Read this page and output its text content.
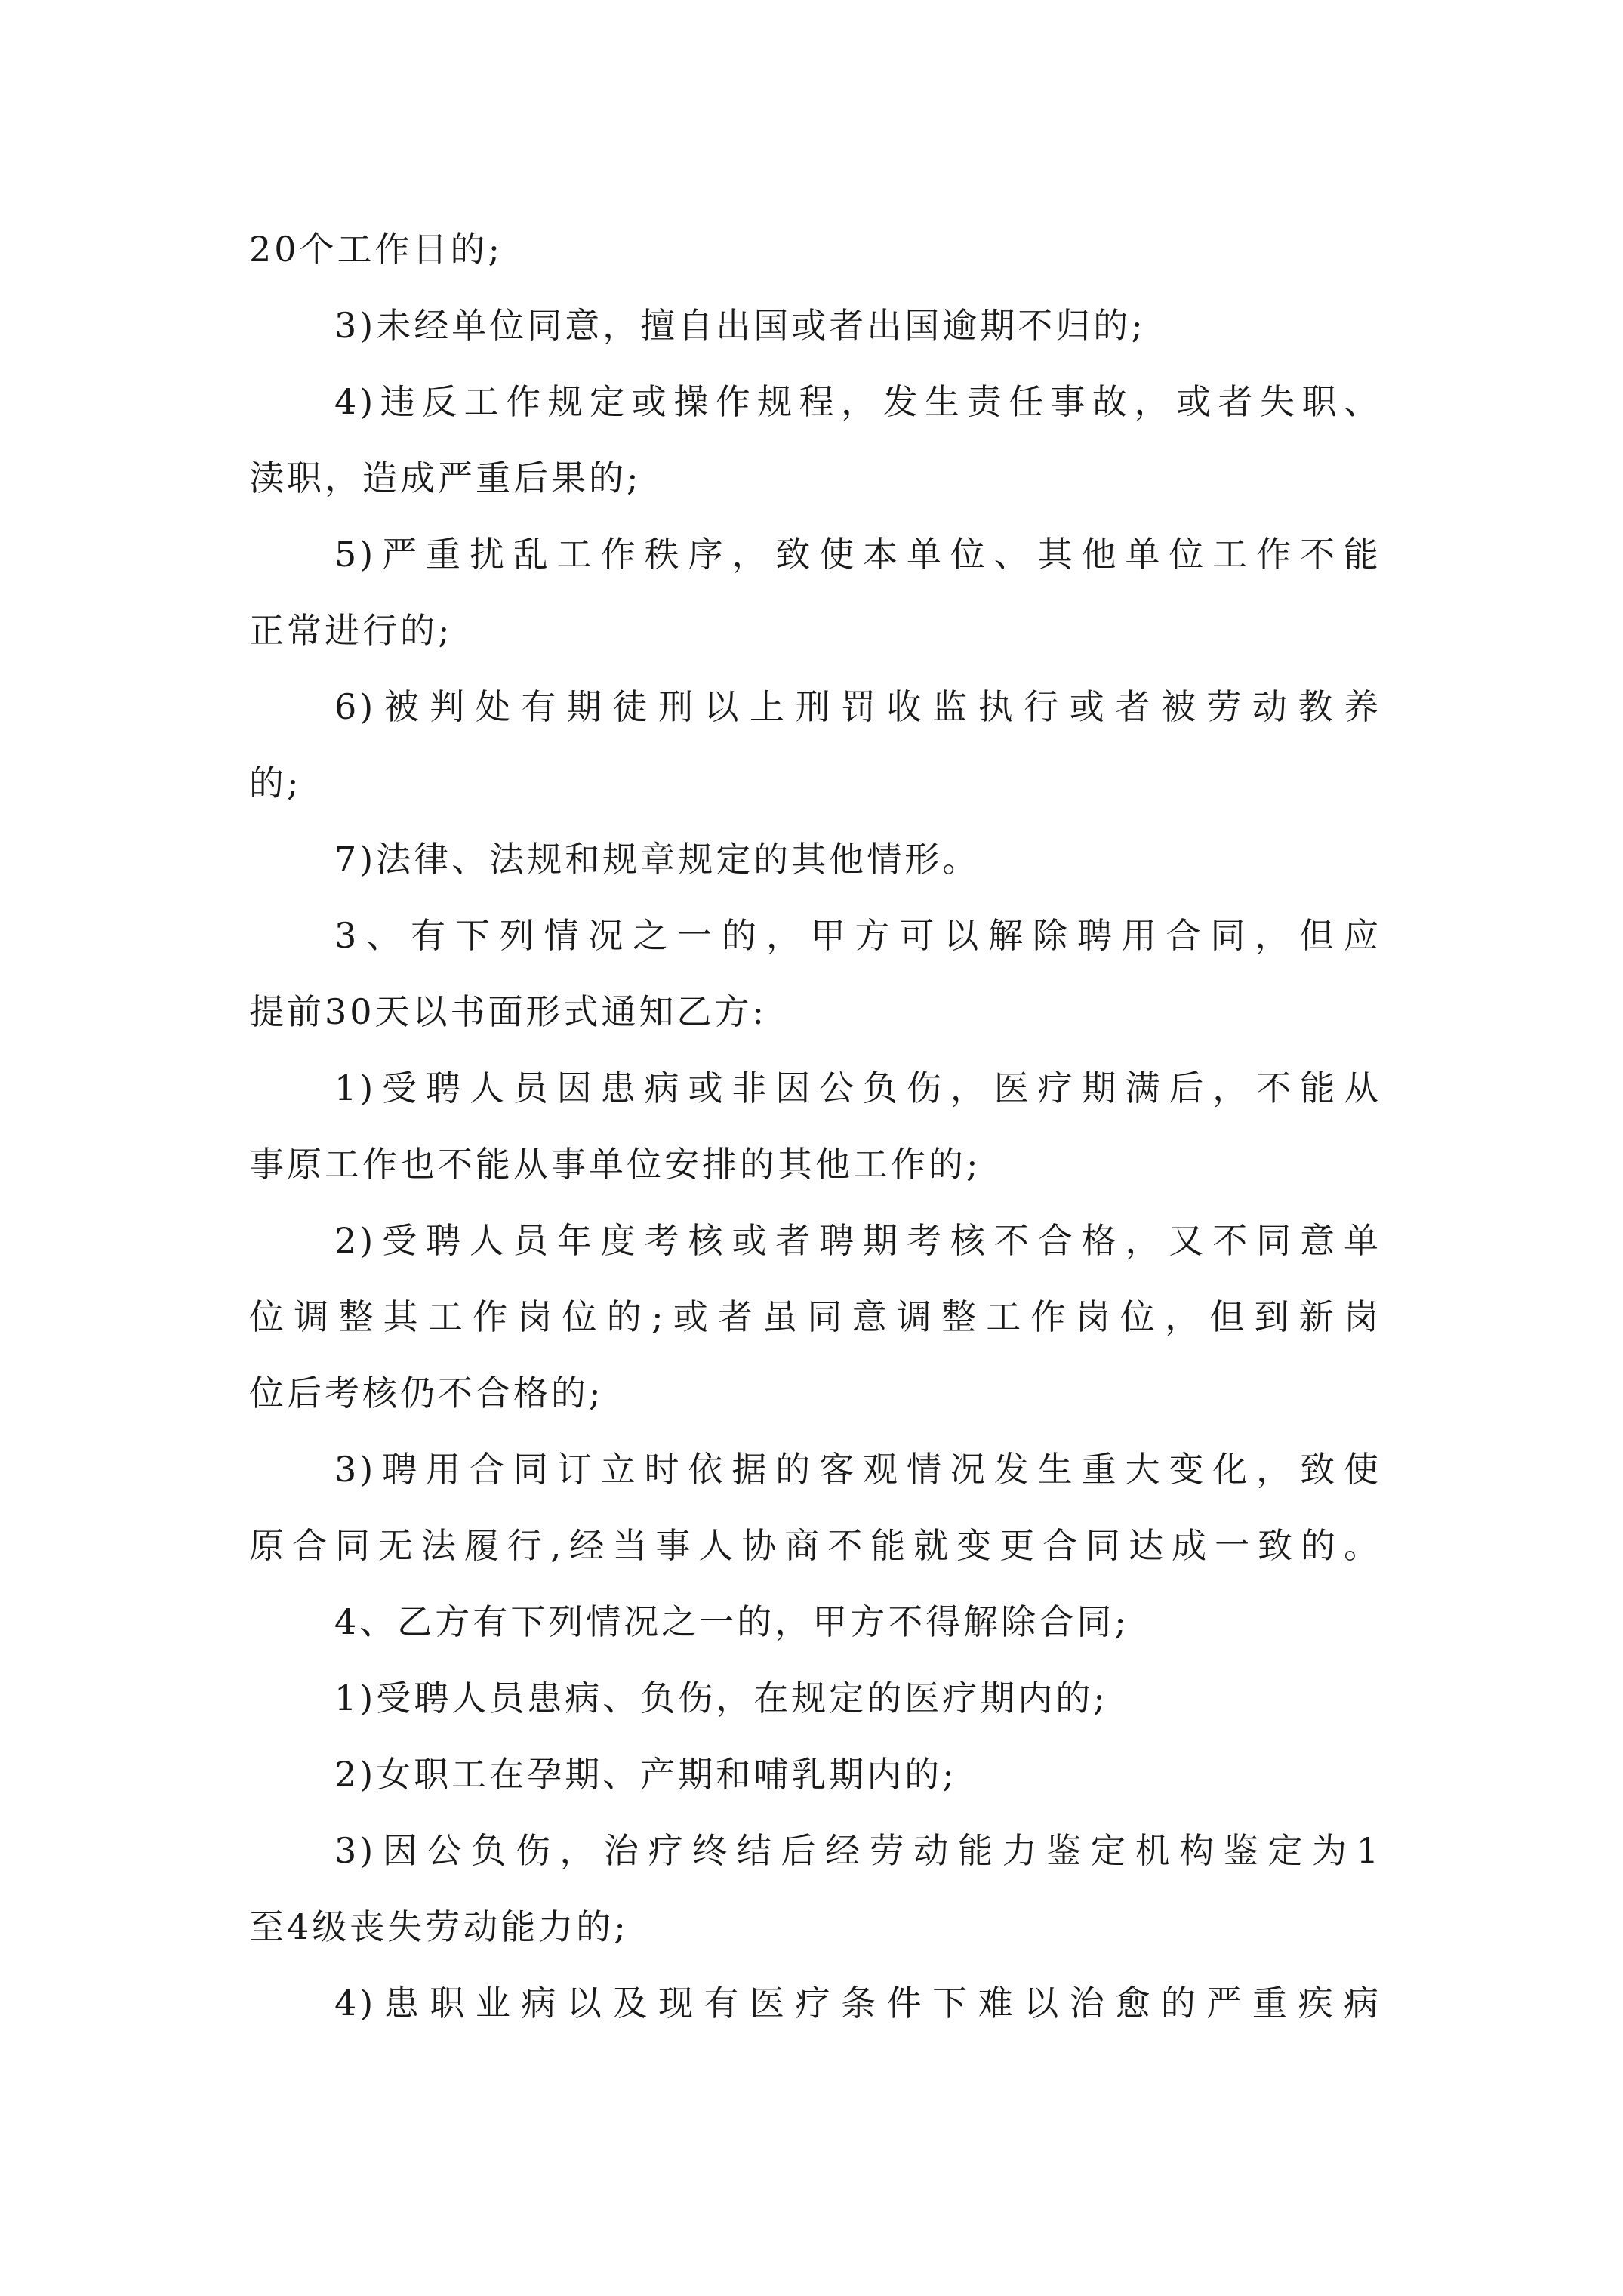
20个工作日的;
3)未经单位同意，擅自出国或者出国逾期不归的;
4)违反工作规定或操作规程，发生责任事故，或者失职、
渎职，造成严重后果的;
5)严重扰乱工作秩序，致使本单位、其他单位工作不能
正常进行的;
6)被判处有期徒刑以上刑罚收监执行或者被劳动教养
的;
7)法律、法规和规章规定的其他情形。
3、有下列情况之一的，甲方可以解除聘用合同，但应
提前30天以书面形式通知乙方:
1)受聘人员因患病或非因公负伤，医疗期满后，不能从
事原工作也不能从事单位安排的其他工作的;
2)受聘人员年度考核或者聘期考核不合格，又不同意单
位调整其工作岗位的;或者虽同意调整工作岗位，但到新岗
位后考核仍不合格的;
3)聘用合同订立时依据的客观情况发生重大变化，致使
原合同无法履行,经当事人协商不能就变更合同达成一致的。
4、乙方有下列情况之一的，甲方不得解除合同;
1)受聘人员患病、负伤，在规定的医疗期内的;
2)女职工在孕期、产期和哺乳期内的;
3)因公负伤，治疗终结后经劳动能力鉴定机构鉴定为1
至4级丧失劳动能力的;
4)患职业病以及现有医疗条件下难以治愈的严重疾病
